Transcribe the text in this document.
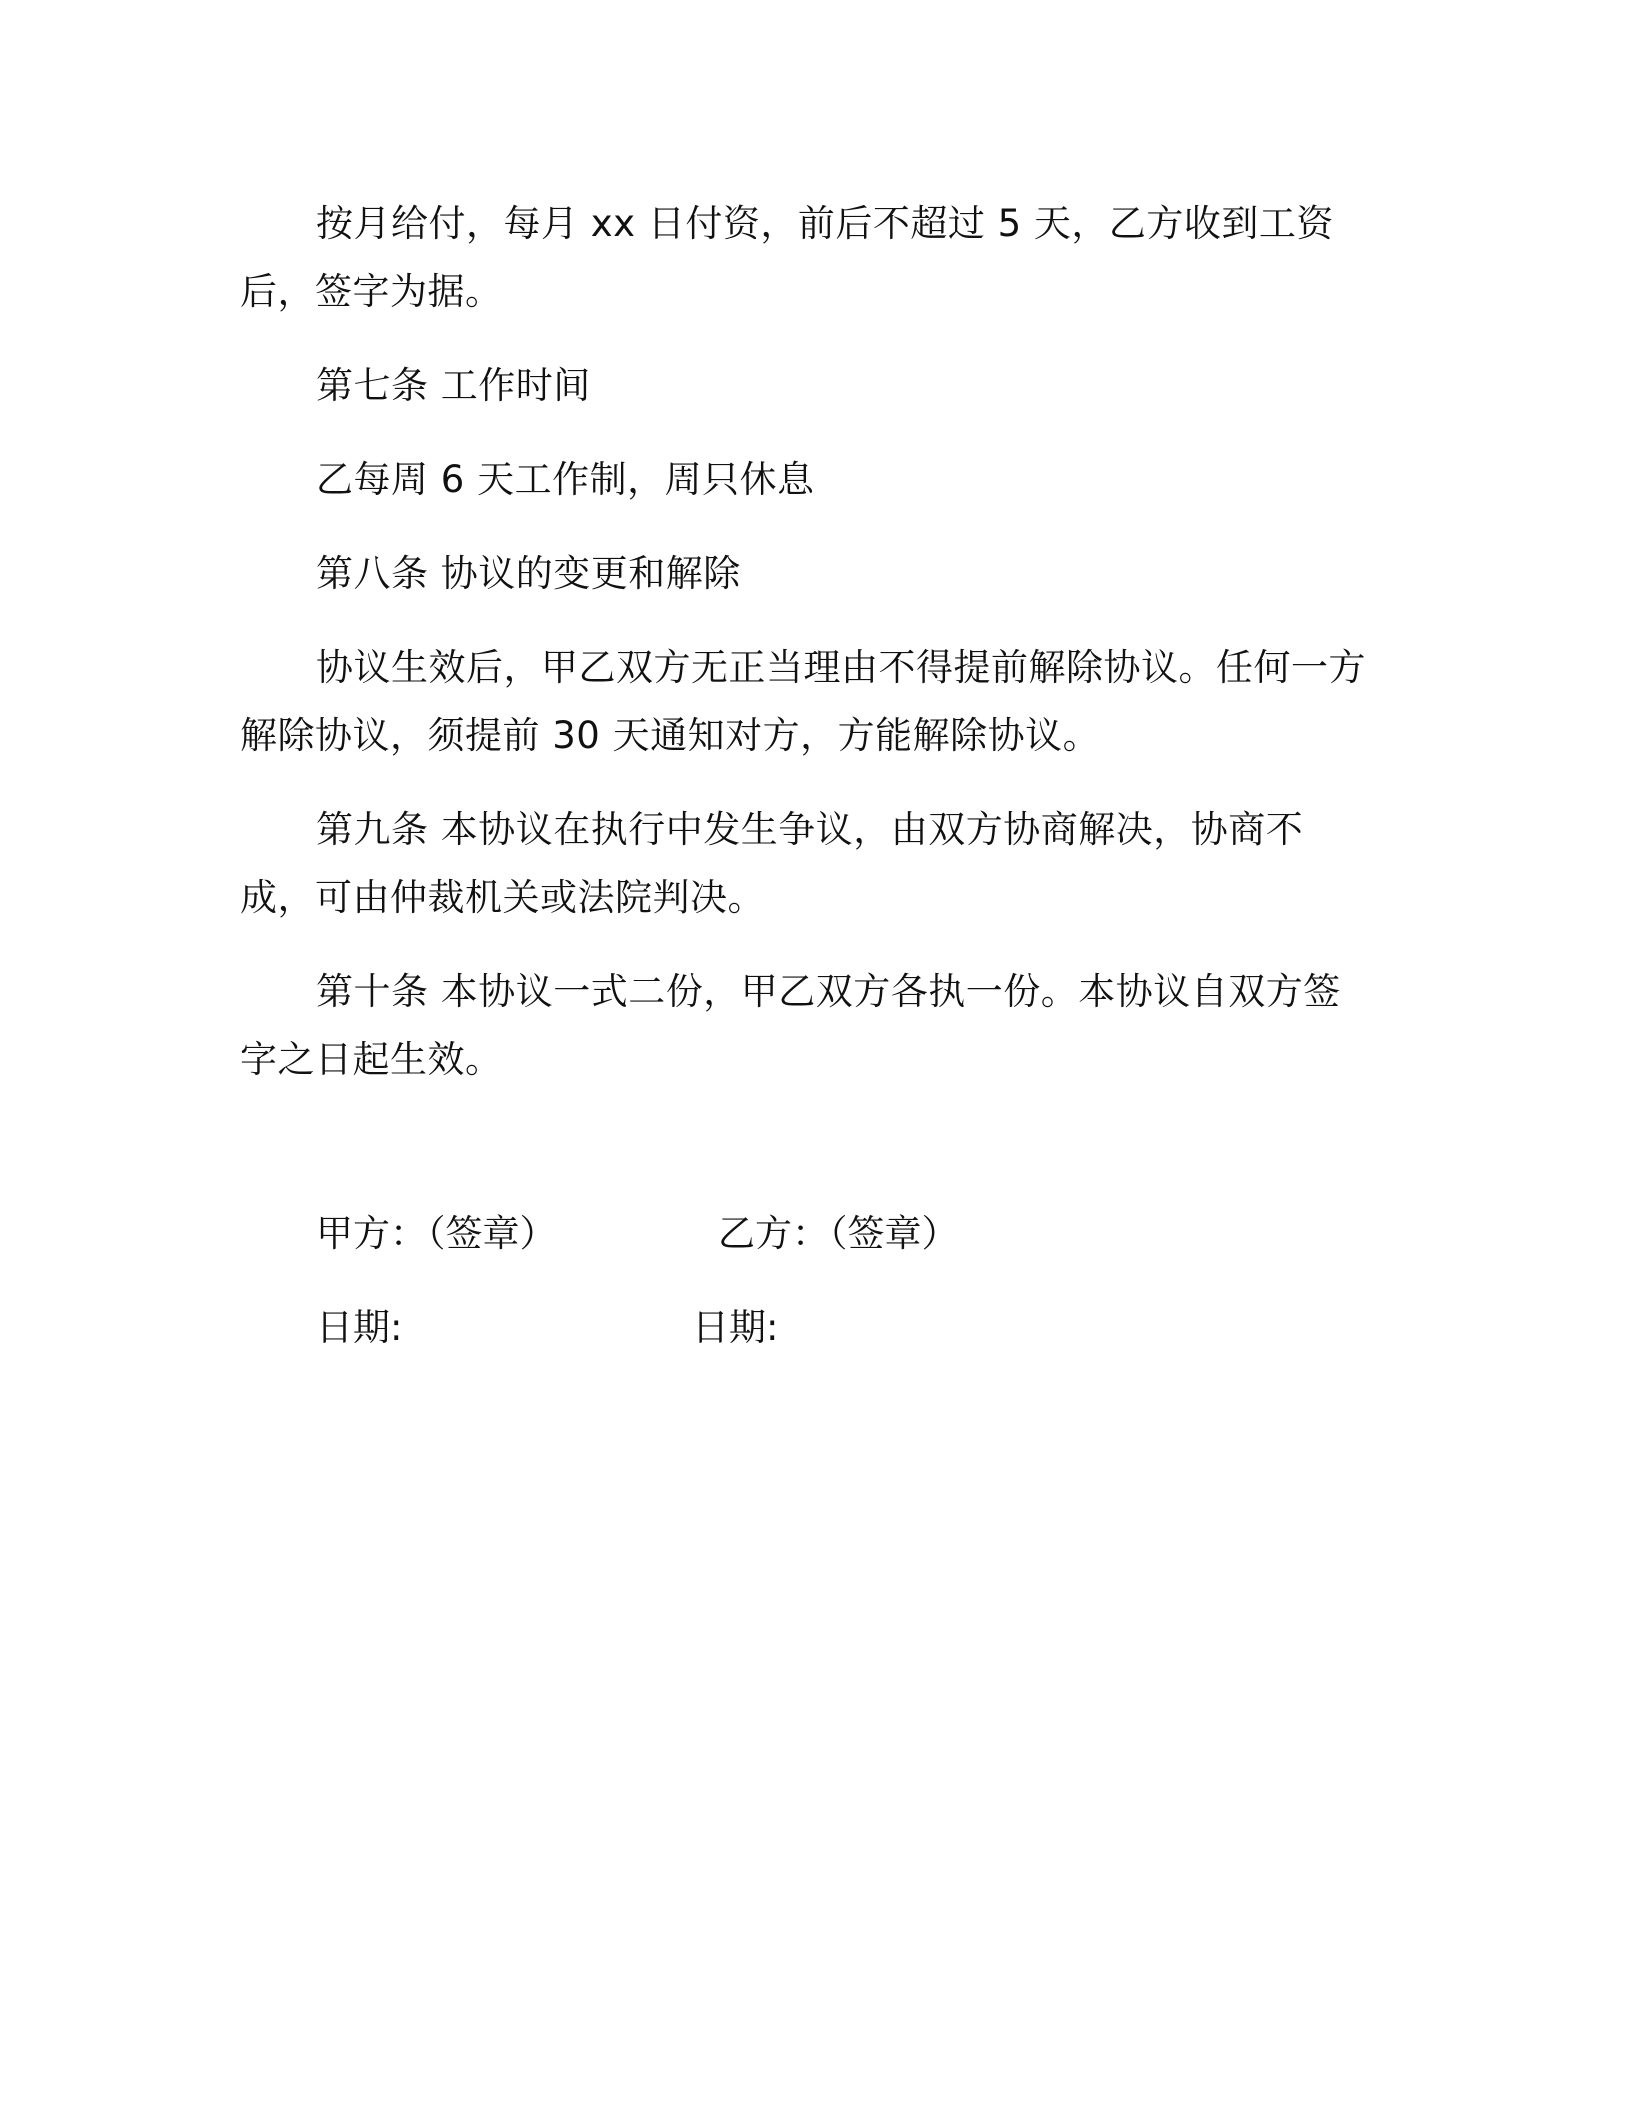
按月给付，每月 xx 日付资，前后不超过 5 天，乙方收到工资后，签字为据。

第七条 工作时间

乙每周 6 天工作制，周只休息

第八条 协议的变更和解除

协议生效后，甲乙双方无正当理由不得提前解除协议。任何一方解除协议，须提前 30 天通知对方，方能解除协议。

第九条 本协议在执行中发生争议，由双方协商解决，协商不成，可由仲裁机关或法院判决。

第十条 本协议一式二份，甲乙双方各执一份。本协议自双方签字之日起生效。

甲方：（签章）	乙方：（签章）
日期:	日期:
